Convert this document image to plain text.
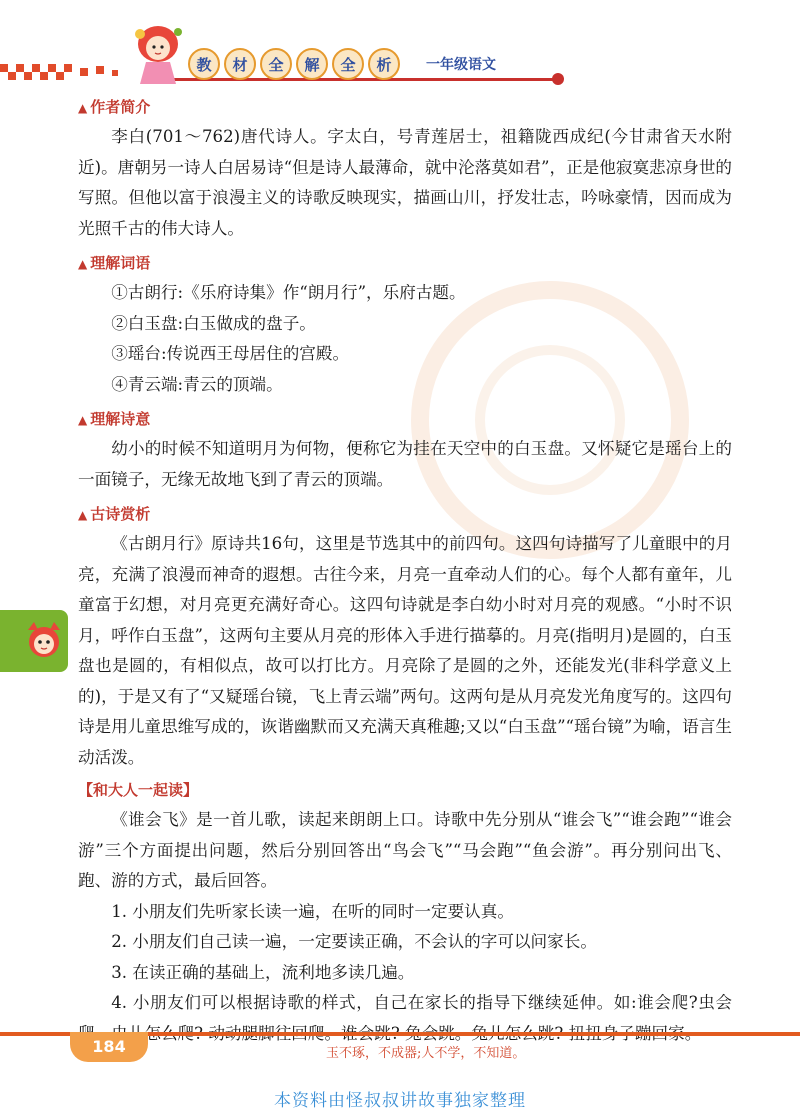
教	材	全	解	全	析	一年级语文
▲ 作者简介

李白(701～762)唐代诗人。字太白，号青莲居士，祖籍陇西成纪(今甘肃省天水附近)。唐朝另一诗人白居易诗“但是诗人最薄命，就中沦落莫如君”，正是他寂寞悲凉身世的写照。但他以富于浪漫主义的诗歌反映现实，描画山川，抒发壮志，吟咏豪情，因而成为光照千古的伟大诗人。

▲ 理解词语

①古朗行:《乐府诗集》作“朗月行”，乐府古题。

②白玉盘:白玉做成的盘子。

③瑶台:传说西王母居住的宫殿。

④青云端:青云的顶端。

▲ 理解诗意

幼小的时候不知道明月为何物，便称它为挂在天空中的白玉盘。又怀疑它是瑶台上的一面镜子，无缘无故地飞到了青云的顶端。

▲ 古诗赏析

《古朗月行》原诗共16句，这里是节选其中的前四句。这四句诗描写了儿童眼中的月亮，充满了浪漫而神奇的遐想。古往今来，月亮一直牵动人们的心。每个人都有童年，儿童富于幻想，对月亮更充满好奇心。这四句诗就是李白幼小时对月亮的观感。“小时不识月，呼作白玉盘”，这两句主要从月亮的形体入手进行描摹的。月亮(指明月)是圆的，白玉盘也是圆的，有相似点，故可以打比方。月亮除了是圆的之外，还能发光(非科学意义上的)，于是又有了“又疑瑶台镜，飞上青云端”两句。这两句是从月亮发光角度写的。这四句诗是用儿童思维写成的，诙谐幽默而又充满天真稚趣;又以“白玉盘”“瑶台镜”为喻，语言生动活泼。

【和大人一起读】

《谁会飞》是一首儿歌，读起来朗朗上口。诗歌中先分别从“谁会飞”“谁会跑”“谁会游”三个方面提出问题，然后分别回答出“鸟会飞”“马会跑”“鱼会游”。再分别问出飞、跑、游的方式，最后回答。

1. 小朋友们先听家长读一遍，在听的同时一定要认真。

2. 小朋友们自己读一遍，一定要读正确，不会认的字可以问家长。

3. 在读正确的基础上，流利地多读几遍。

4. 小朋友们可以根据诗歌的样式，自己在家长的指导下继续延伸。如:谁会爬?虫会

184	玉不琢，不成器;人不学，不知道。
本资料由怪叔叔讲故事独家整理
